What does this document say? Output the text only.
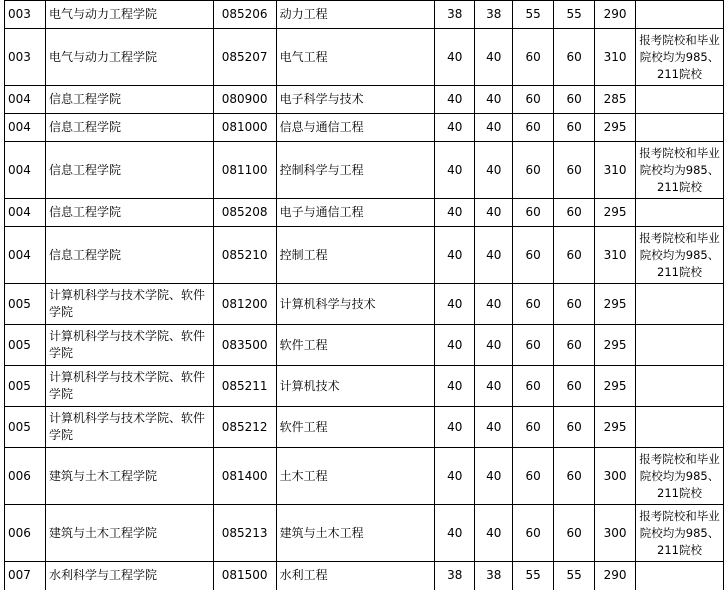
003	电气与动力工程学院	085206	动力工程	38	38	55	55	290	
003	电气与动力工程学院	085207	电气工程	40	40	60	60	310	报考院校和毕业院校均为985、211院校
004	信息工程学院	080900	电子科学与技术	40	40	60	60	285	
004	信息工程学院	081000	信息与通信工程	40	40	60	60	295	
004	信息工程学院	081100	控制科学与工程	40	40	60	60	310	报考院校和毕业院校均为985、211院校
004	信息工程学院	085208	电子与通信工程	40	40	60	60	295	
004	信息工程学院	085210	控制工程	40	40	60	60	310	报考院校和毕业院校均为985、211院校
005	计算机科学与技术学院、软件学院	081200	计算机科学与技术	40	40	60	60	295	
005	计算机科学与技术学院、软件学院	083500	软件工程	40	40	60	60	295	
005	计算机科学与技术学院、软件学院	085211	计算机技术	40	40	60	60	295	
005	计算机科学与技术学院、软件学院	085212	软件工程	40	40	60	60	295	
006	建筑与土木工程学院	081400	土木工程	40	40	60	60	300	报考院校和毕业院校均为985、211院校
006	建筑与土木工程学院	085213	建筑与土木工程	40	40	60	60	300	报考院校和毕业院校均为985、211院校
007	水利科学与工程学院	081500	水利工程	38	38	55	55	290	
